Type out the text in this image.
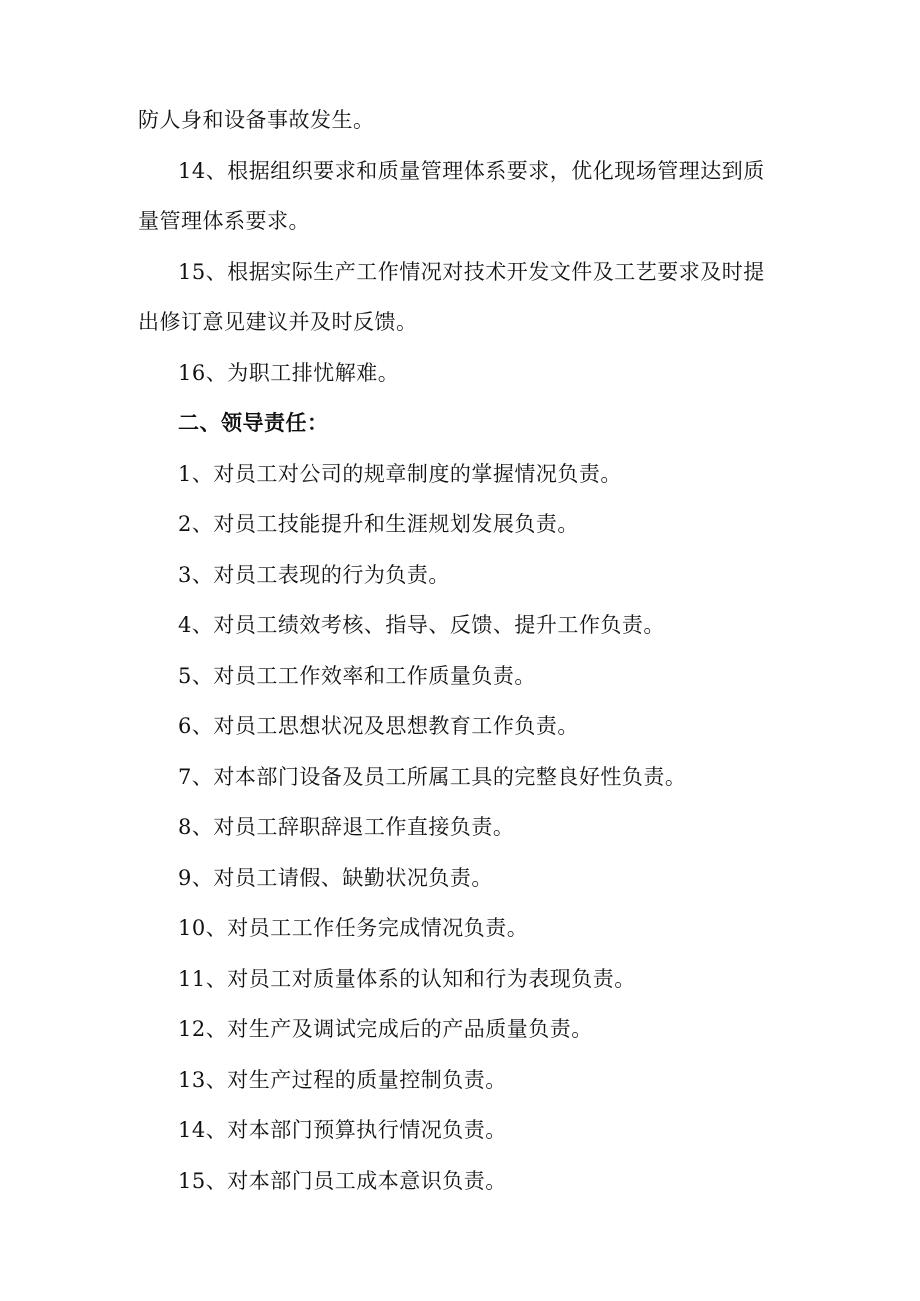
防人身和设备事故发生。
14、根据组织要求和质量管理体系要求，优化现场管理达到质
量管理体系要求。
15、根据实际生产工作情况对技术开发文件及工艺要求及时提
出修订意见建议并及时反馈。
16、为职工排忧解难。
二、领导责任：
1、对员工对公司的规章制度的掌握情况负责。
2、对员工技能提升和生涯规划发展负责。
3、对员工表现的行为负责。
4、对员工绩效考核、指导、反馈、提升工作负责。
5、对员工工作效率和工作质量负责。
6、对员工思想状况及思想教育工作负责。
7、对本部门设备及员工所属工具的完整良好性负责。
8、对员工辞职辞退工作直接负责。
9、对员工请假、缺勤状况负责。
10、对员工工作任务完成情况负责。
11、对员工对质量体系的认知和行为表现负责。
12、对生产及调试完成后的产品质量负责。
13、对生产过程的质量控制负责。
14、对本部门预算执行情况负责。
15、对本部门员工成本意识负责。
